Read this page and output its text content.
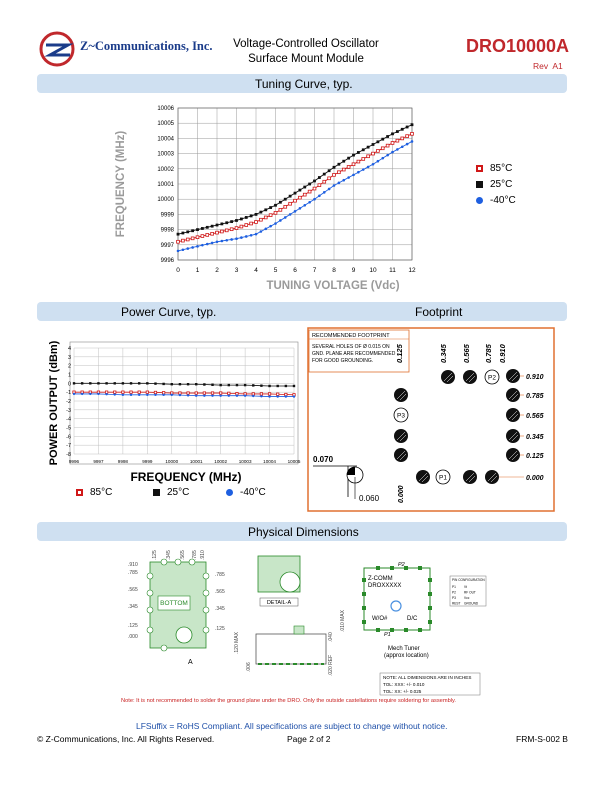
Z~Communications, Inc. Voltage-Controlled Oscillator
Surface Mount Module
DRO10000A
Rev  A1
Tuning Curve, typ.
Power Curve, typ.	Footprint
Physical Dimensions
FREQUENCY (MHz)
TUNING VOLTAGE (Vdc)
9996
9997
9998
9999
10000
10001
10002
10003
10004
10005
10006
0 1 2 3 4 5 6 7 8 9 10 11 12
85°C
25°C
-40°C
POWER OUTPUT (dBm)
FREQUENCY (MHz)
-8
-7
-6
-5
-4
-3
-2
-1
0
1
2
3
4
9996	9997	9998	9999	10000	10001	10002	10003	10004	10005
85°C	25°C	-40°C
RECOMMENDED FOOTPRINT
SEVERAL HOLES OF Ø 0.015 ON GND. PLANE ARE RECOMMENDED FOR GOOD GROUNDING.	0.125	0.345 0.565 0.785 0.910
0.910
0.785
0.565
0.345
0.125
0.000
P2
P3
P1
0.000
0.070
0.060
BOTTOM
A
.910
.785
.565
.345
.125
.000
.785
.565
.345
.125
.125 .345 .565 .785 .910
DETAIL-A
.120 MAX
.006
.010 MAX
.040
.020 REF
Z-COMM
DROXXXXX
P2
P1
W/O#	D/C
Mech Tuner
(approx location)
PIN CONFIGURATION
P1	Vt
P2	RF OUT
P3	Vcc
REST GROUND
NOTE: ALL DIMENSIONS ARE IN INCHES
TOL: XXX: +/- 0.010
TOL: XX: +/- 0.025
Note: It is not recommended to solder the ground plane under the DRO. Only the outside castellations require soldering for assembly.
LFSuffix = RoHS Compliant. All specifications are subject to change without notice.
© Z-Communications, Inc. All Rights Reserved.	Page 2 of 2	FRM-S-002 B
